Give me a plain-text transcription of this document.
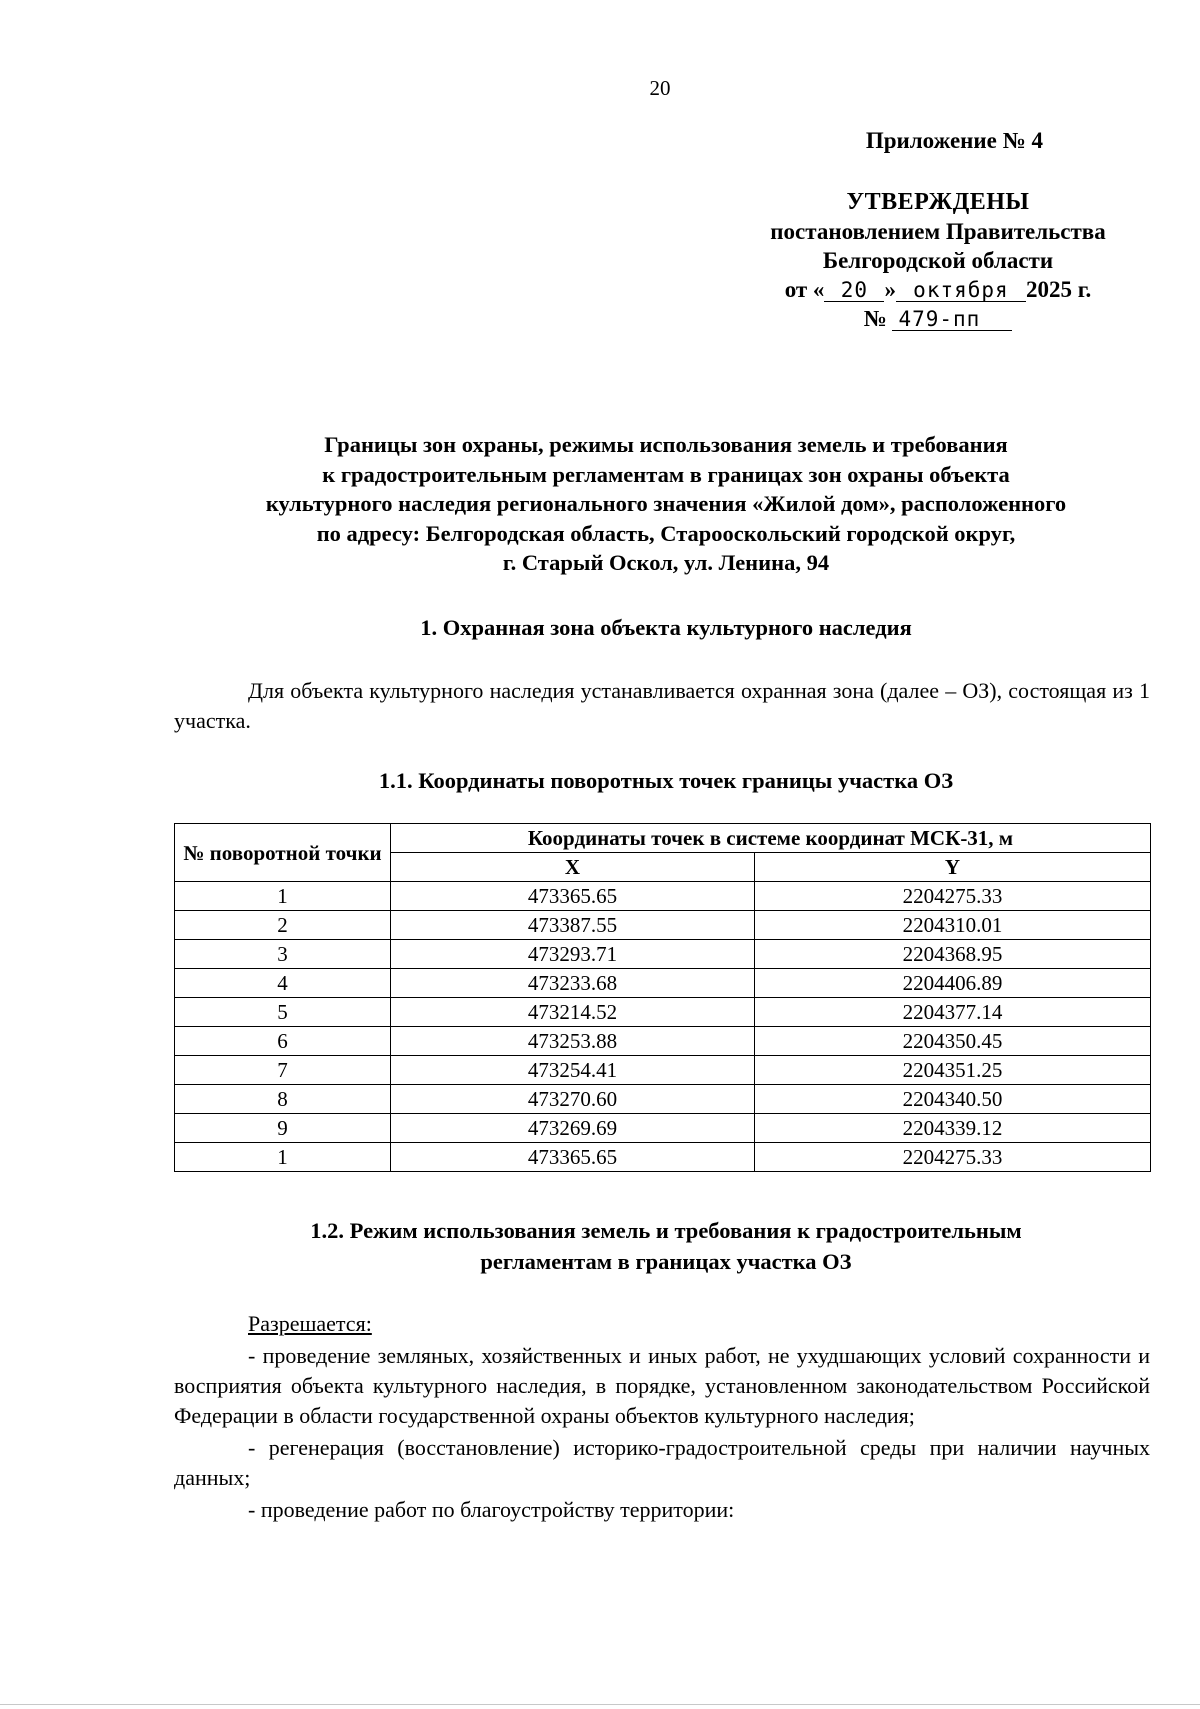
20
Приложение № 4
УТВЕРЖДЕНЫ
постановлением Правительства
Белгородской области
от « 20 » октября 2025 г.
№ 479-пп
Границы зон охраны, режимы использования земель и требования
к градостроительным регламентам в границах зон охраны объекта
культурного наследия регионального значения «Жилой дом», расположенного
по адресу: Белгородская область, Старооскольский городской округ,
г. Старый Оскол, ул. Ленина, 94
1. Охранная зона объекта культурного наследия
Для объекта культурного наследия устанавливается охранная зона (далее – ОЗ), состоящая из 1 участка.
1.1. Координаты поворотных точек границы участка ОЗ
№ поворотной точки	Координаты точек в системе координат МСК-31, м	
	X	Y
1	473365.65	2204275.33
2	473387.55	2204310.01
3	473293.71	2204368.95
4	473233.68	2204406.89
5	473214.52	2204377.14
6	473253.88	2204350.45
7	473254.41	2204351.25
8	473270.60	2204340.50
9	473269.69	2204339.12
1	473365.65	2204275.33
1.2. Режим использования земель и требования к градостроительным
регламентам в границах участка ОЗ
Разрешается:
- проведение земляных, хозяйственных и иных работ, не ухудшающих условий сохранности и восприятия объекта культурного наследия, в порядке, установленном законодательством Российской Федерации в области государственной охраны объектов культурного наследия;
- регенерация (восстановление) историко-градостроительной среды при наличии научных данных;
- проведение работ по благоустройству территории:
